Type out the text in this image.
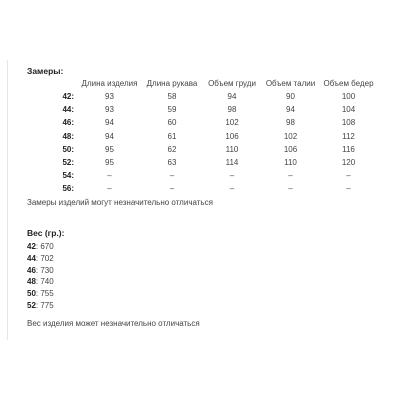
Замеры:
	Длина изделия	Длина рукава	Объем груди	Объем талии	Объем бедер
42:	93	58	94	90	100
44:	93	59	98	94	104
46:	94	60	102	98	108
48:	94	61	106	102	112
50:	95	62	110	106	116
52:	95	63	114	110	120
54:	–	–	–	–	–
56:	–	–	–	–	–
Замеры изделий могут незначительно отличаться
Вес (гр.):
42: 670
44: 702
46: 730
48: 740
50: 755
52: 775
Вес изделия может незначительно отличаться
